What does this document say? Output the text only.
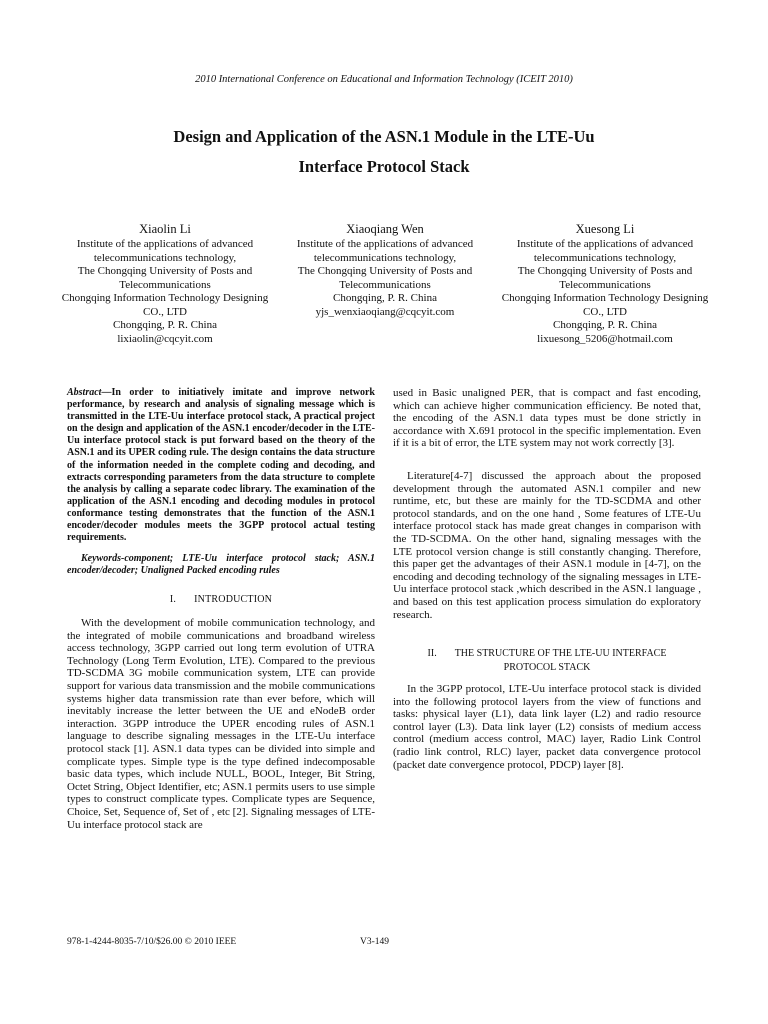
2010 International Conference on Educational and Information Technology (ICEIT 2010)
Design and Application of the ASN.1 Module in the LTE-Uu
Interface Protocol Stack
Xiaolin Li
Institute of the applications of advanced telecommunications technology,
The Chongqing University of Posts and Telecommunications
Chongqing Information Technology Designing CO., LTD
Chongqing, P. R. China
lixiaolin@cqcyit.com
Xiaoqiang Wen
Institute of the applications of advanced telecommunications technology,
The Chongqing University of Posts and Telecommunications
Chongqing, P. R. China
yjs_wenxiaoqiang@cqcyit.com
Xuesong Li
Institute of the applications of advanced telecommunications technology,
The Chongqing University of Posts and Telecommunications
Chongqing Information Technology Designing CO., LTD
Chongqing, P. R. China
lixuesong_5206@hotmail.com

Abstract—In order to initiatively imitate and improve network performance, by research and analysis of signaling message which is transmitted in the LTE-Uu interface protocol stack, A practical project on the design and application of the ASN.1 encoder/decoder in the LTE-Uu interface protocol stack is put forward based on the theory of the ASN.1 and its UPER coding rule. The design contains the data structure of the information needed in the complete coding and decoding, and extracts corresponding parameters from the data structure to complete the analysis by calling a separate codec library. The examination of the application of the ASN.1 encoding and decoding modules in protocol conformance testing demonstrates that the function of the ASN.1 encoder/decoder modules meets the 3GPP protocol actual testing requirements.

Keywords-component; LTE-Uu interface protocol stack; ASN.1 encoder/decoder; Unaligned Packed encoding rules

I. INTRODUCTION

With the development of mobile communication technology, and the integrated of mobile communications and broadband wireless access technology, 3GPP carried out long term evolution of UTRA Technology (Long Term Evolution, LTE). Compared to the previous TD-SCDMA 3G mobile communication system, LTE can provide support for various data transmission and the mobile communications systems higher data transmission rate than ever before, which will inevitably increase the letter between the UE and eNodeB order interaction. 3GPP introduce the UPER encoding rules of ASN.1 language to describe signaling messages in the LTE-Uu interface protocol stack [1]. ASN.1 data types can be divided into simple and complicate types. Simple type is the type defined indecomposable basic data types, which include NULL, BOOL, Integer, Bit String, Octet String, Object Identifier, etc; ASN.1 permits users to use simple types to construct complicate types. Complicate types are Sequence, Choice, Set, Sequence of, Set of , etc [2]. Signaling messages of LTE-Uu interface protocol stack are

used in Basic unaligned PER, that is compact and fast encoding, which can achieve higher communication efficiency. Be noted that, the encoding of the ASN.1 data types must be done strictly in accordance with X.691 protocol in the specific implementation. Even if it is a bit of error, the LTE system may not work correctly [3].

Literature[4-7] discussed the approach about the proposed development through the automated ASN.1 compiler and new runtime, etc, but these are mainly for the TD-SCDMA and other protocol standards, and on the one hand , Some features of LTE-Uu interface protocol stack has made great changes in comparison with the TD-SCDMA. On the other hand, signaling messages with the LTE protocol version change is still constantly changing. Therefore, this paper get the advantages of their ASN.1 module in [4-7], on the encoding and decoding technology of the signaling messages in LTE-Uu interface protocol stack ,which described in the ASN.1 language , and based on this test application process simulation do exploratory research.

II. THE STRUCTURE OF THE LTE-UU INTERFACE
PROTOCOL STACK

In the 3GPP protocol, LTE-Uu interface protocol stack is divided into the following protocol layers from the view of functions and tasks: physical layer (L1), data link layer (L2) and radio resource control layer (L3). Data link layer (L2) consists of medium access control (medium access control, MAC) layer, Radio Link Control (radio link control, RLC) layer, packet data convergence protocol (packet date convergence protocol, PDCP) layer [8].

978-1-4244-8035-7/10/$26.00 © 2010 IEEE	V3-149
